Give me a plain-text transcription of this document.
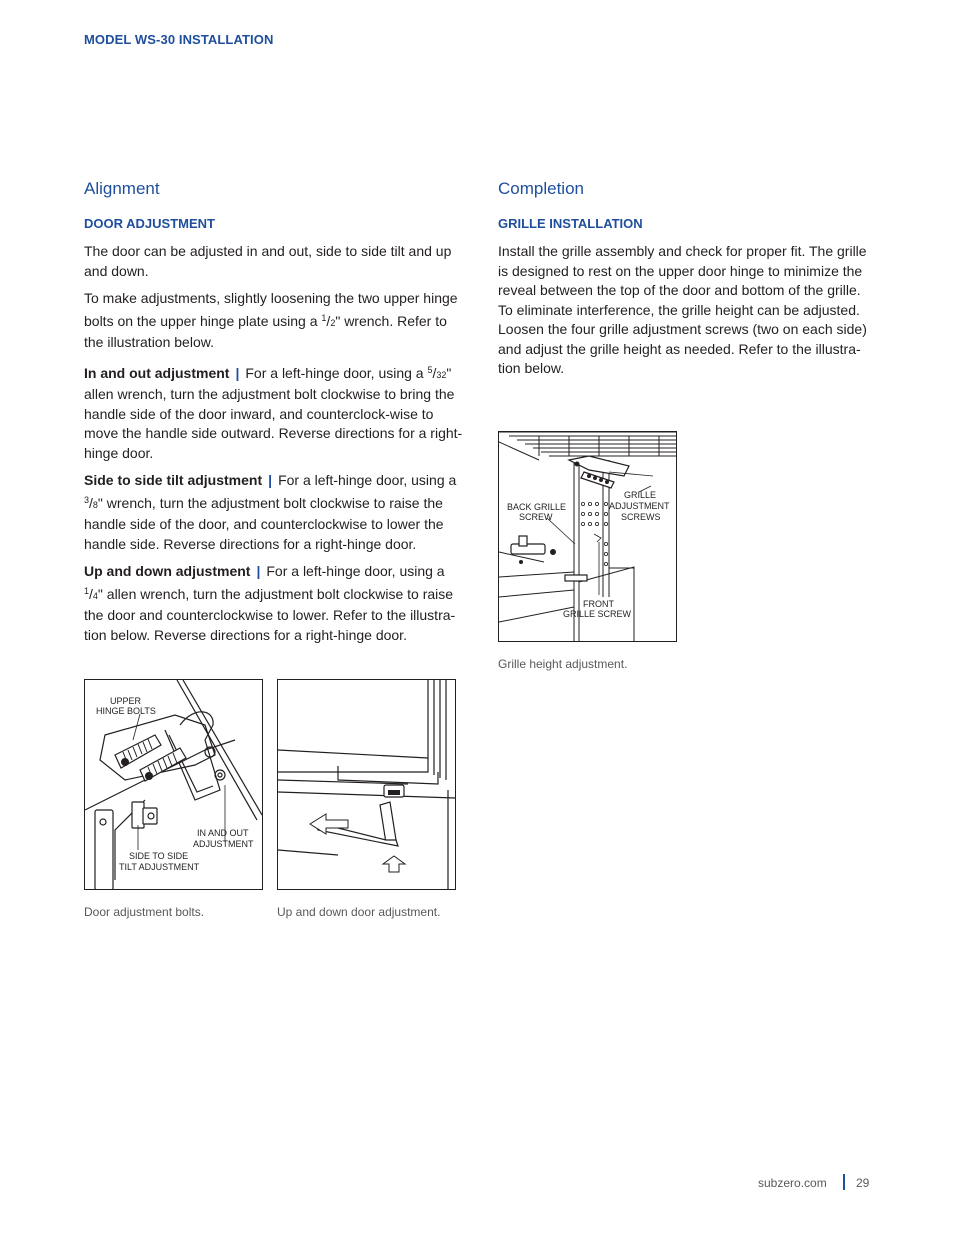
MODEL WS-30 INSTALLATION
Alignment
DOOR ADJUSTMENT

The door can be adjusted in and out, side to side tilt and up and down.

To make adjustments, slightly loosening the two upper hinge bolts on the upper hinge plate using a $^1$/2" wrench. Refer to the illustration below.

In and out adjustment | For a left-hinge door, using a $^5$/32" allen wrench, turn the adjustment bolt clockwise to bring the handle side of the door inward, and counterclock-wise to move the handle side outward. Reverse directions for a right-hinge door.

Side to side tilt adjustment | For a left-hinge door, using a $^3$/8" wrench, turn the adjustment bolt clockwise to raise the handle side of the door, and counterclockwise to lower the handle side. Reverse directions for a right-hinge door.

Up and down adjustment | For a left-hinge door, using a $^1$/4" allen wrench, turn the adjustment bolt clockwise to raise the door and counterclockwise to lower. Refer to the illustra-tion below. Reverse directions for a right-hinge door.

UPPER
HINGE BOLTS
IN AND OUT
ADJUSTMENT
SIDE TO SIDE
TILT ADJUSTMENT
Door adjustment bolts.	Up and down door adjustment.
Completion
GRILLE INSTALLATION

Install the grille assembly and check for proper fit. The grille is designed to rest on the upper door hinge to minimize the reveal between the top of the door and bottom of the grille. To eliminate interference, the grille height can be adjusted. Loosen the four grille adjustment screws (two on each side) and adjust the grille height as needed. Refer to the illustra-tion below.

GRILLE
ADJUSTMENT
SCREWS
BACK GRILLE
SCREW
FRONT
GRILLE SCREW
Grille height adjustment.
subzero.com 29
